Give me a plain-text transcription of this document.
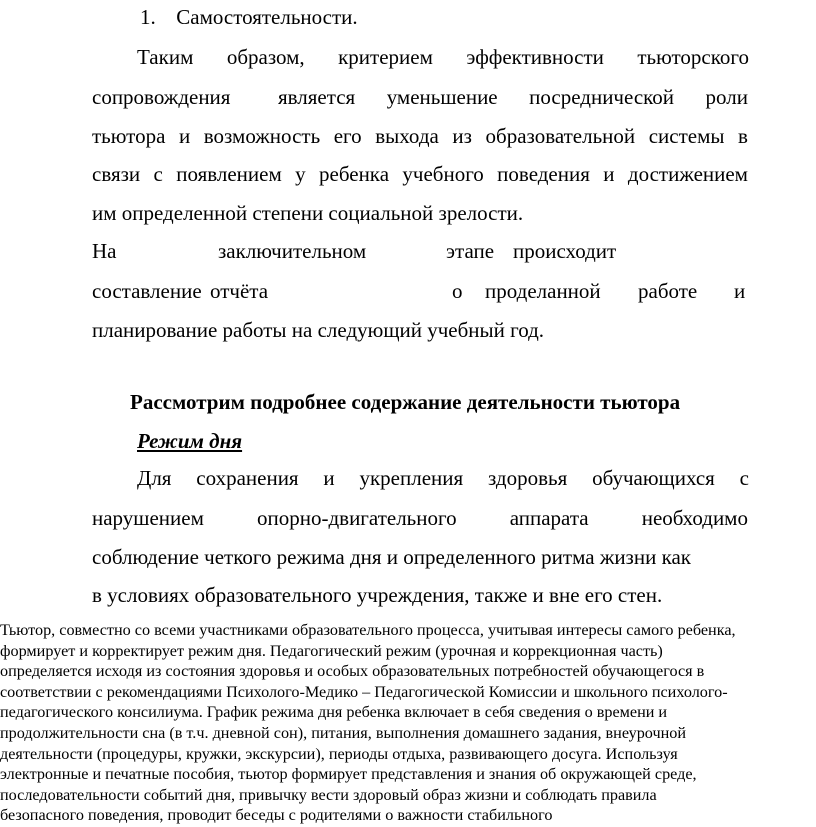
1. Самостоятельности.
Таким образом, критерием эффективности тьюторского
сопровождения является уменьшение посреднической роли
тьютора и возможность его выхода из образовательной системы в
связи с появлением у ребенка учебного поведения и достижением
им определенной степени социальной зрелости.
На	заключительном	этапе происходит
составление отчёта	о проделанной работе и
планирование работы на следующий учебный год.
Рассмотрим подробнее содержание деятельности тьютора
Режим дня
Для сохранения и укрепления здоровья обучающихся с
нарушением	опорно-двигательного	аппарата	необходимо
соблюдение четкого режима дня и определенного ритма жизни как
в условиях образовательного учреждения, также и вне его стен.
Тьютор, совместно со всеми участниками образовательного процесса, учитывая интересы самого ребенка,
формирует и корректирует режим дня. Педагогический режим (урочная и коррекционная часть)
определяется исходя из состояния здоровья и особых образовательных потребностей обучающегося в
соответствии с рекомендациями Психолого-Медико – Педагогической Комиссии и школьного психолого-
педагогического консилиума. График режима дня ребенка включает в себя сведения о времени и
продолжительности сна (в т.ч. дневной сон), питания, выполнения домашнего задания, внеурочной
деятельности (процедуры, кружки, экскурсии), периоды отдыха, развивающего досуга. Используя
электронные и печатные пособия, тьютор формирует представления и знания об окружающей среде,
последовательности событий дня, привычку вести здоровый образ жизни и соблюдать правила
безопасного поведения, проводит беседы с родителями о важности стабильного
